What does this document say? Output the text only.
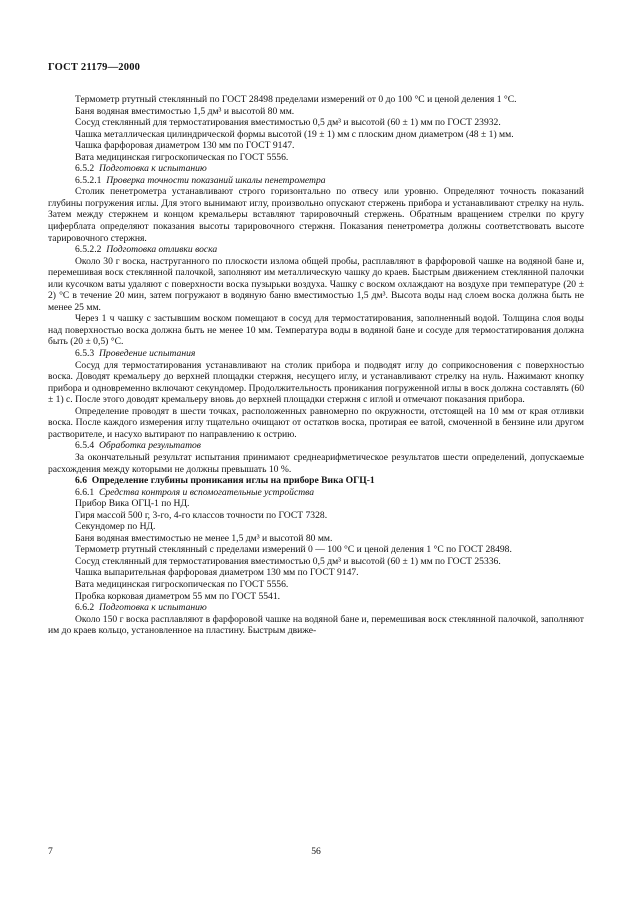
ГОСТ 21179—2000

Термометр ртутный стеклянный по ГОСТ 28498 пределами измерений от 0 до 100 °С и ценой деления 1 °С.

Баня водяная вместимостью 1,5 дм³ и высотой 80 мм.

Сосуд стеклянный для термостатирования вместимостью 0,5 дм³ и высотой (60 ± 1) мм по ГОСТ 23932.

Чашка металлическая цилиндрической формы высотой (19 ± 1) мм с плоским дном диаметром (48 ± 1) мм.

Чашка фарфоровая диаметром 130 мм по ГОСТ 9147.

Вата медицинская гигроскопическая по ГОСТ 5556.

6.5.2 Подготовка к испытанию

6.5.2.1 Проверка точности показаний шкалы пенетрометра

Столик пенетрометра устанавливают строго горизонтально по отвесу или уровню. Определяют точность показаний глубины погружения иглы. Для этого вынимают иглу, произвольно опускают стержень прибора и устанавливают стрелку на нуль. Затем между стержнем и концом кремальеры вставляют тарировочный стержень. Обратным вращением стрелки по кругу циферблата определяют показания высоты тарировочного стержня. Показания пенетрометра должны соответствовать высоте тарировочного стержня.

6.5.2.2 Подготовка отливки воска

Около 30 г воска, наструганного по плоскости излома общей пробы, расплавляют в фарфоровой чашке на водяной бане и, перемешивая воск стеклянной палочкой, заполняют им металлическую чашку до краев. Быстрым движением стеклянной палочки или кусочком ваты удаляют с поверхности воска пузырьки воздуха. Чашку с воском охлаждают на воздухе при температуре (20 ± 2) °С в течение 20 мин, затем погружают в водяную баню вместимостью 1,5 дм³. Высота воды над слоем воска должна быть не менее 25 мм.

Через 1 ч чашку с застывшим воском помещают в сосуд для термостатирования, заполненный водой. Толщина слоя воды над поверхностью воска должна быть не менее 10 мм. Температура воды в водяной бане и сосуде для термостатирования должна быть (20 ± 0,5) °С.

6.5.3 Проведение испытания

Сосуд для термостатирования устанавливают на столик прибора и подводят иглу до соприкосновения с поверхностью воска. Доводят кремальеру до верхней площадки стержня, несущего иглу, и устанавливают стрелку на нуль. Нажимают кнопку прибора и одновременно включают секундомер. Продолжительность проникания погруженной иглы в воск должна составлять (60 ± 1) с. После этого доводят кремальеру вновь до верхней площадки стержня с иглой и отмечают показания прибора.

Определение проводят в шести точках, расположенных равномерно по окружности, отстоящей на 10 мм от края отливки воска. После каждого измерения иглу тщательно очищают от остатков воска, протирая ее ватой, смоченной в бензине или другом растворителе, и насухо вытирают по направлению к острию.

6.5.4 Обработка результатов

За окончательный результат испытания принимают среднеарифметическое результатов шести определений, допускаемые расхождения между которыми не должны превышать 10 %.

6.6 Определение глубины проникания иглы на приборе Вика ОГЦ-1

6.6.1 Средства контроля и вспомогательные устройства

Прибор Вика ОГЦ-1 по НД.

Гиря массой 500 г, 3-го, 4-го классов точности по ГОСТ 7328.

Секундомер по НД.

Баня водяная вместимостью не менее 1,5 дм³ и высотой 80 мм.

Термометр ртутный стеклянный с пределами измерений 0 — 100 °С и ценой деления 1 °С по ГОСТ 28498.

Сосуд стеклянный для термостатирования вместимостью 0,5 дм³ и высотой (60 ± 1) мм по ГОСТ 25336.

Чашка выпарительная фарфоровая диаметром 130 мм по ГОСТ 9147.

Вата медицинская гигроскопическая по ГОСТ 5556.

Пробка корковая диаметром 55 мм по ГОСТ 5541.

6.6.2 Подготовка к испытанию

Около 150 г воска расплавляют в фарфоровой чашке на водяной бане и, перемешивая воск стеклянной палочкой, заполняют им до краев кольцо, установленное на пластину. Быстрым движе-

7	56
